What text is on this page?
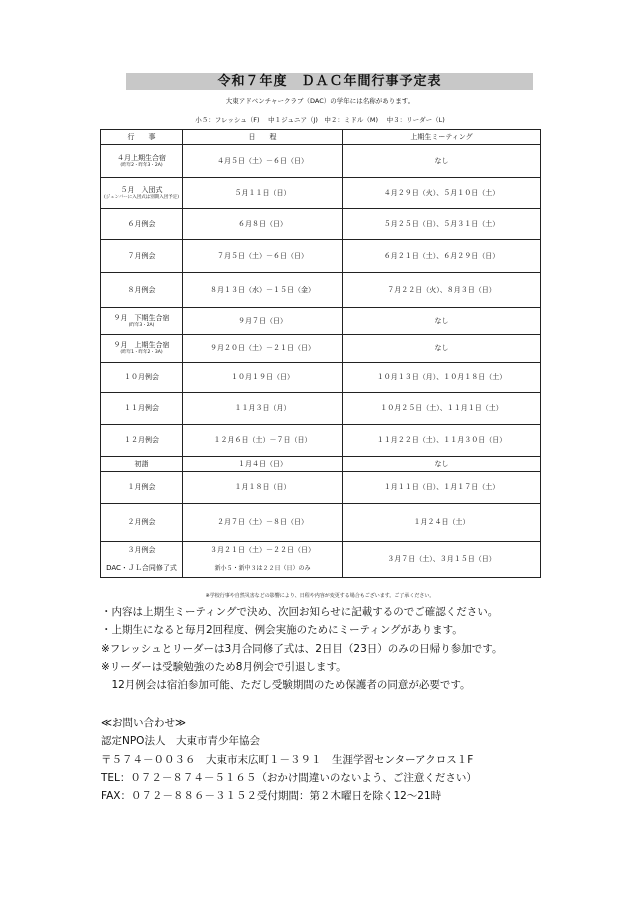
令和７年度　ＤＡＣ年間行事予定表
大東アドベンチャークラブ（DAC）の学年には名称があります。
小５：フレッシュ（F)　 中１ジュニア（J)　中２：ミドル（M)　 中３：リーダー（L)
行　　事	日　　程	上期生ミーティング
４月上期生合宿
(昨年2・昨年3・2A)	４月５日（土）－６日（日）	なし
５月　入団式
(ジュンバーに入団式は別期入団予定)	５月１１日（日）	４月２９日（火）、５月１０日（土）
６月例会	６月８日（日）	５月２５日（日）、５月３１日（土）
７月例会	７月５日（土）－６日（日）	６月２１日（土）、６月２９日（日）
８月例会	８月１３日（水）－１５日（金）	７月２２日（火）、８月３日（日）
９月　下期生合宿
(昨年3・2A)	９月７日（日）	なし
９月　上期生合宿
(昨年1・昨年2・3A)	９月２０日（土）－２１日（日）	なし
１０月例会	１０月１９日（日）	１０月１３日（月）、１０月１８日（土）
１１月例会	１１月３日（月）	１０月２５日（土）、１１月１日（土）
１２月例会	１２月６日（土）－７日（日）	１１月２２日（土）、１１月３０日（日）
初詣	１月４日（日）	なし
１月例会	１月１８日（日）	１月１１日（日）、１月１７日（土）
２月例会	２月７日（土）－８日（日）	１月２４日（土）
３月例会	３月２１日（土）－２２日（日）	３月７日（土）、３月１５日（日）
DAC・ＪＬ合同修了式	新小５・新中３は２２日（日）のみ	
※学校行事や自然災害などの影響により、日程や内容が変更する場合もございます。ご了承ください。
・内容は上期生ミーティングで決め、次回お知らせに記載するのでご確認ください。
・上期生になると毎月2回程度、例会実施のためにミーティングがあります。
※フレッシュとリーダーは3月合同修了式は、2日目（23日）のみの日帰り参加です。
※リーダーは受験勉強のため8月例会で引退します。
　12月例会は宿泊参加可能、ただし受験期間のため保護者の同意が必要です。
≪お問い合わせ≫
認定NPO法人　大東市青少年協会
〒５７４－００３６　大東市末広町１－３９１　生涯学習センターアクロス１F
TEL：０７２－８７４－５１６５（おかけ間違いのないよう、ご注意ください）
FAX：０７２－８８６－３１５２受付期間：第２木曜日を除く12～21時
